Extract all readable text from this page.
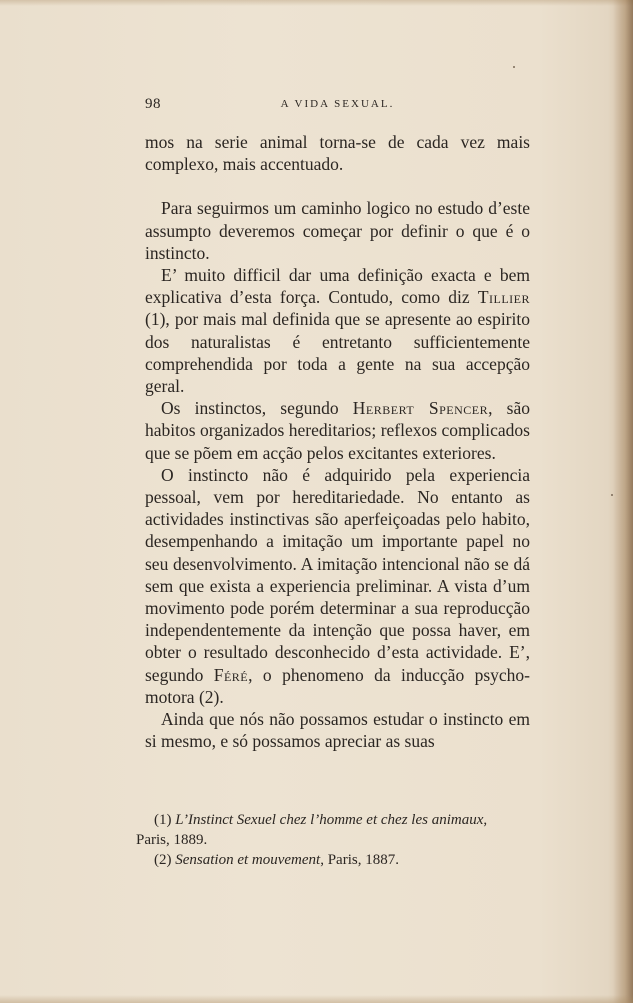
98	A VIDA SEXUAL.

mos na serie animal torna-se de cada vez mais complexo, mais accentuado.

Para seguirmos um caminho logico no estudo d’este assumpto deveremos começar por definir o que é o instincto.

E’ muito difficil dar uma definição exacta e bem explicativa d’esta força. Contudo, como diz Tillier (1), por mais mal definida que se apresente ao espirito dos naturalistas é entretanto sufficientemente comprehendida por toda a gente na sua accepção geral.

Os instinctos, segundo Herbert Spencer, são habitos organizados hereditarios; reflexos complicados que se põem em acção pelos excitantes exteriores.

O instincto não é adquirido pela experiencia pessoal, vem por hereditariedade. No entanto as actividades instinctivas são aperfeiçoadas pelo habito, desempenhando a imitação um importante papel no seu desenvolvimento. A imitação intencional não se dá sem que exista a experiencia preliminar. A vista d’um movimento pode porém determinar a sua reproducção independentemente da intenção que possa haver, em obter o resultado desconhecido d’esta actividade. E’, segundo Féré, o phenomeno da inducção psycho-motora (2).

Ainda que nós não possamos estudar o instincto em si mesmo, e só possamos apreciar as suas

(1) L’Instinct Sexuel chez l’homme et chez les animaux,

Paris, 1889.

(2) Sensation et mouvement, Paris, 1887.
